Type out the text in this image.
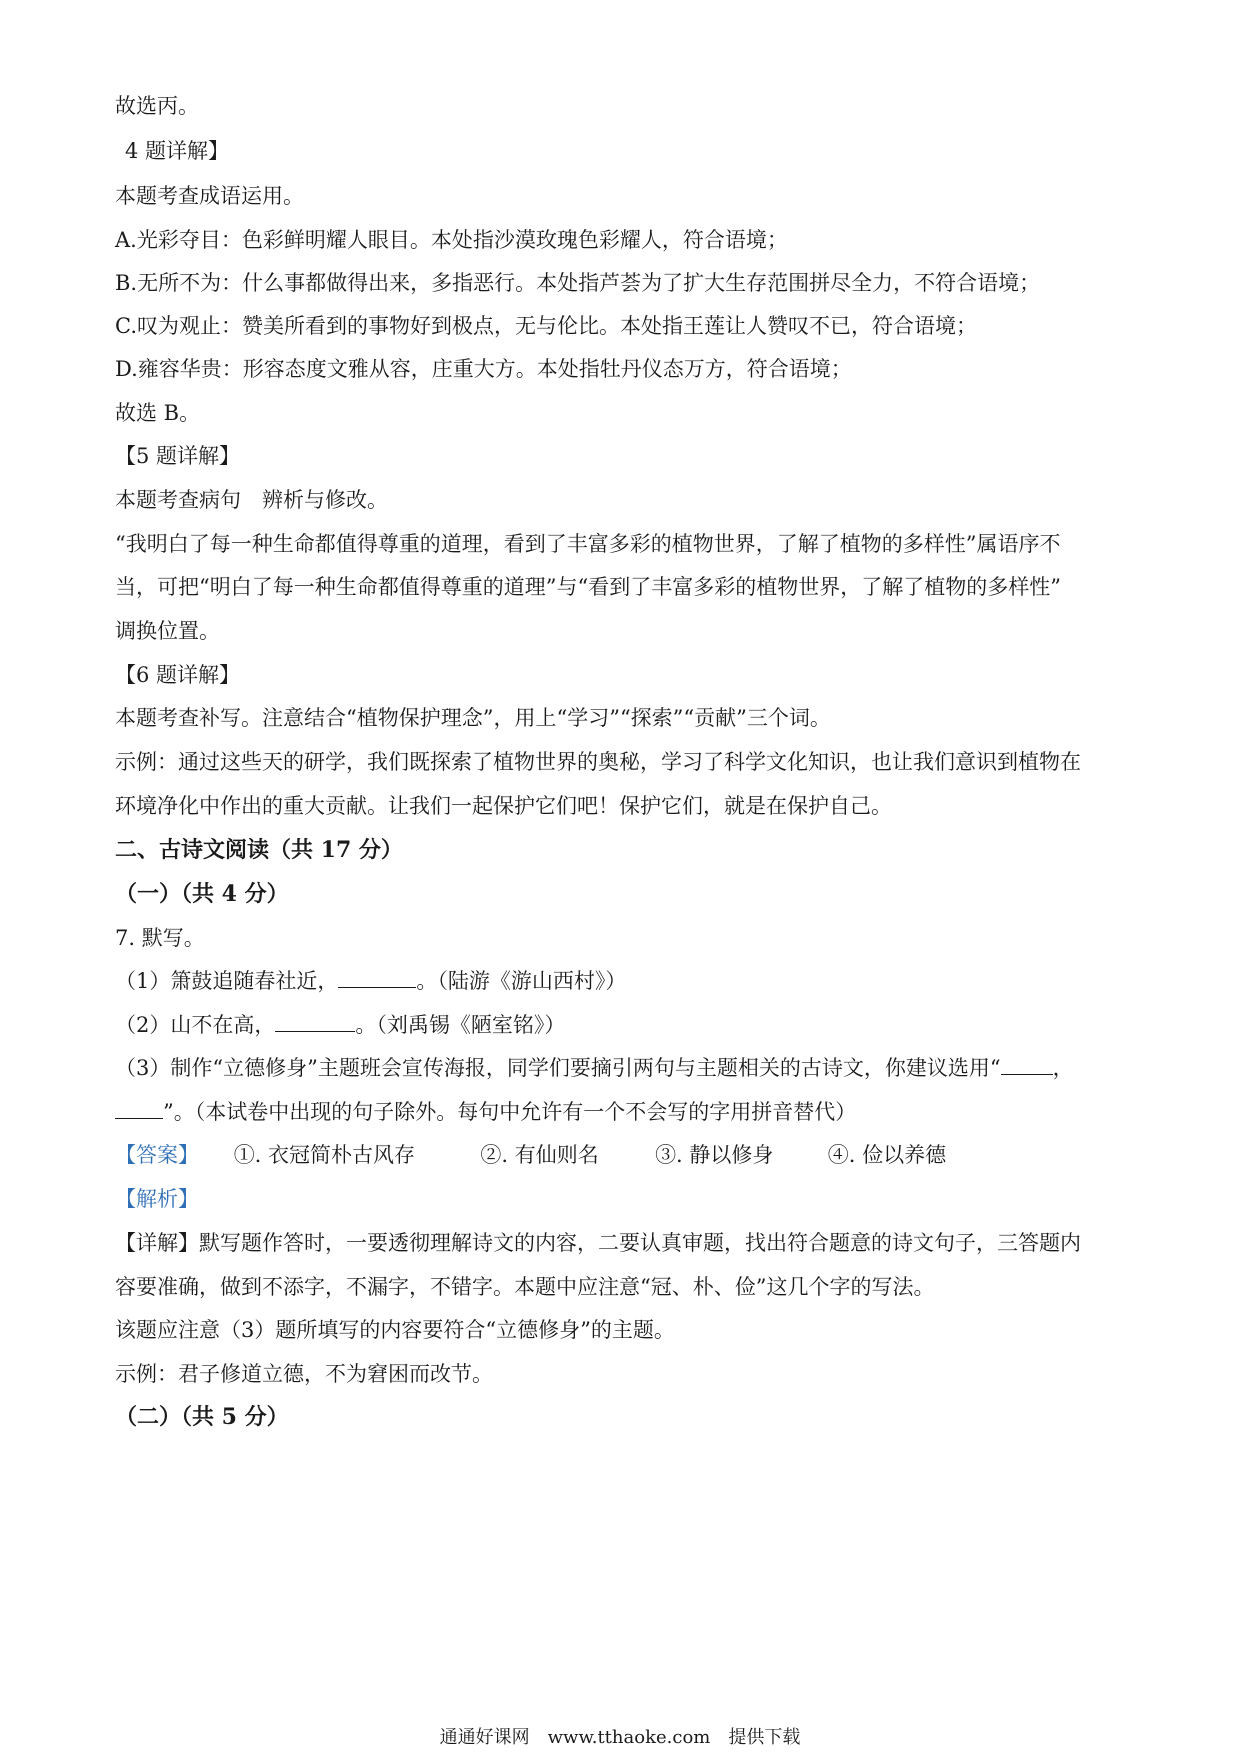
故选丙。
4 题详解】
本题考查成语运用。
A.光彩夺目：色彩鲜明耀人眼目。本处指沙漠玫瑰色彩耀人，符合语境；
B.无所不为：什么事都做得出来，多指恶行。本处指芦荟为了扩大生存范围拼尽全力，不符合语境；
C.叹为观止：赞美所看到的事物好到极点，无与伦比。本处指王莲让人赞叹不已，符合语境；
D.雍容华贵：形容态度文雅从容，庄重大方。本处指牡丹仪态万方，符合语境；
故选 B。
【5 题详解】
本题考查病句　辨析与修改。
“我明白了每一种生命都值得尊重的道理，看到了丰富多彩的植物世界，了解了植物的多样性”属语序不
当，可把“明白了每一种生命都值得尊重的道理”与“看到了丰富多彩的植物世界，了解了植物的多样性”
调换位置。
【6 题详解】
本题考查补写。注意结合“植物保护理念”，用上“学习”“探索”“贡献”三个词。
示例：通过这些天的研学，我们既探索了植物世界的奥秘，学习了科学文化知识，也让我们意识到植物在
环境净化中作出的重大贡献。让我们一起保护它们吧！保护它们，就是在保护自己。
二、古诗文阅读（共 17 分）
（一）（共 4 分）
7. 默写。
（1）箫鼓追随春社近，	。（陆游《游山西村》）
（2）山不在高，	。（刘禹锡《陋室铭》）
（3）制作“立德修身”主题班会宣传海报，同学们要摘引两句与主题相关的古诗文，你建议选用“ ，
”。（本试卷中出现的句子除外。每句中允许有一个不会写的字用拼音替代）
【答案】 ①. 衣冠简朴古风存	②. 有仙则名	③. 静以修身	④. 俭以养德
【解析】
【详解】默写题作答时，一要透彻理解诗文的内容，二要认真审题，找出符合题意的诗文句子，三答题内
容要准确，做到不添字，不漏字，不错字。本题中应注意“冠、朴、俭”这几个字的写法。
该题应注意（3）题所填写的内容要符合“立德修身”的主题。
示例：君子修道立德，不为窘困而改节。
（二）（共 5 分）
通通好课网　www.tthaoke.com　提供下载
